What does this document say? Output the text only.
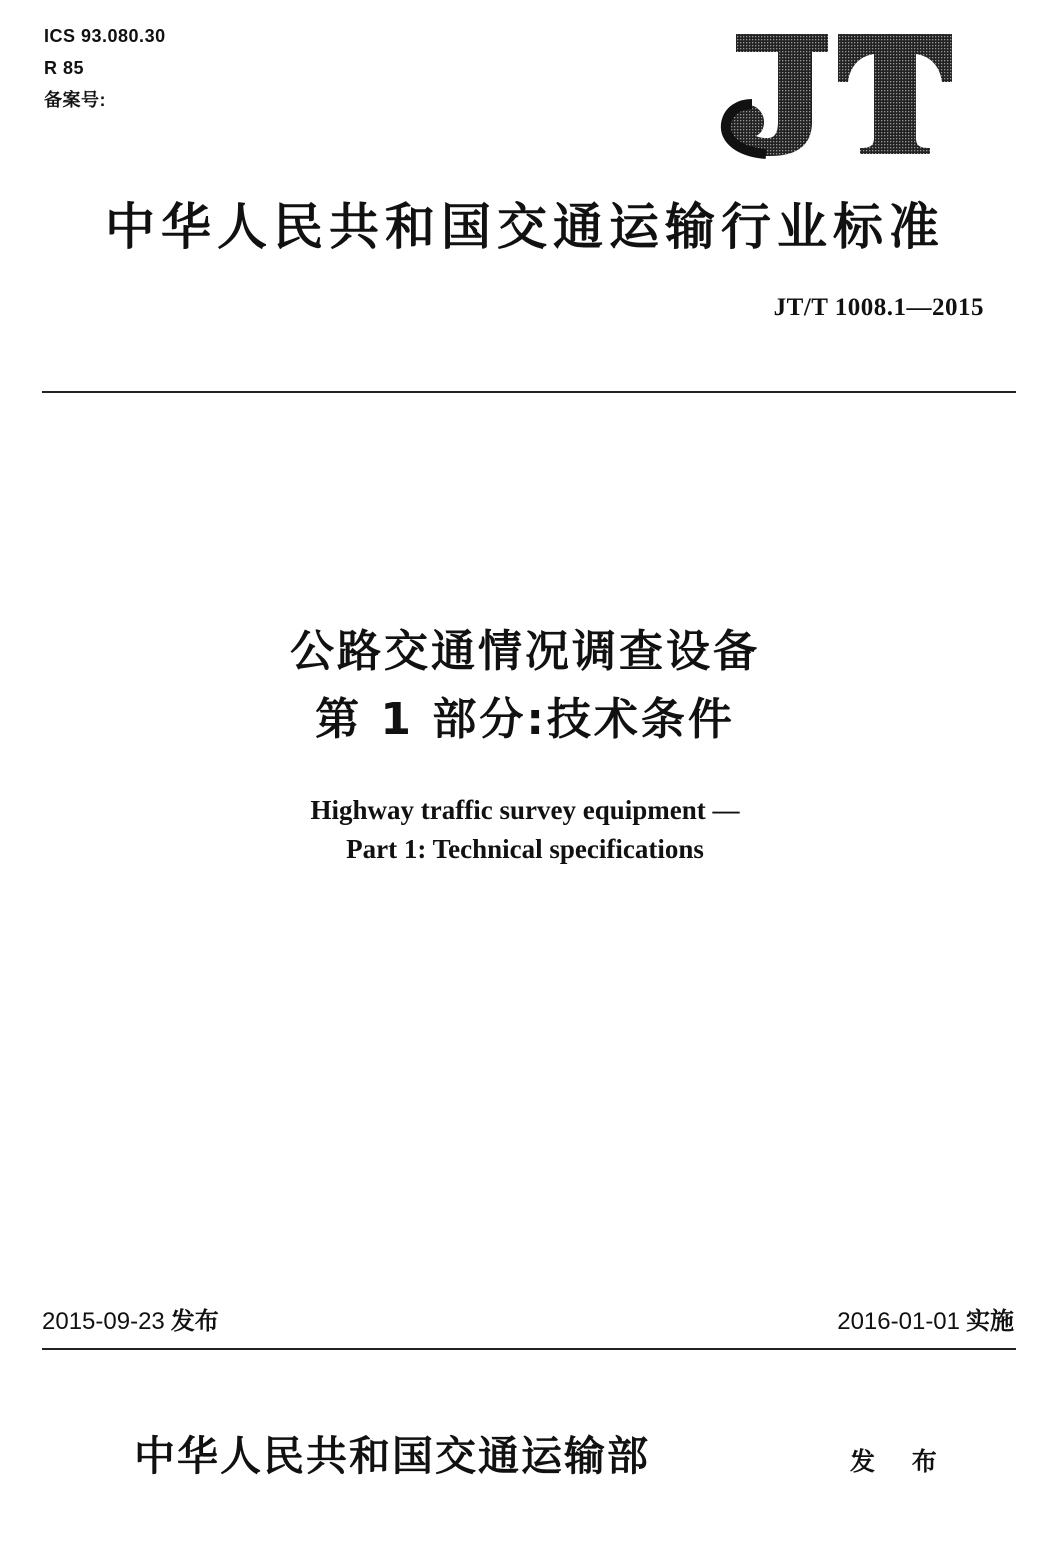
ICS 93.080.30
R 85
备案号:
中华人民共和国交通运输行业标准
JT/T 1008.1—2015
公路交通情况调查设备
第 1 部分:技术条件
Highway traffic survey equipment —
Part 1: Technical specifications
2015-09-23 发布	2016-01-01 实施
中华人民共和国交通运输部	发 布
